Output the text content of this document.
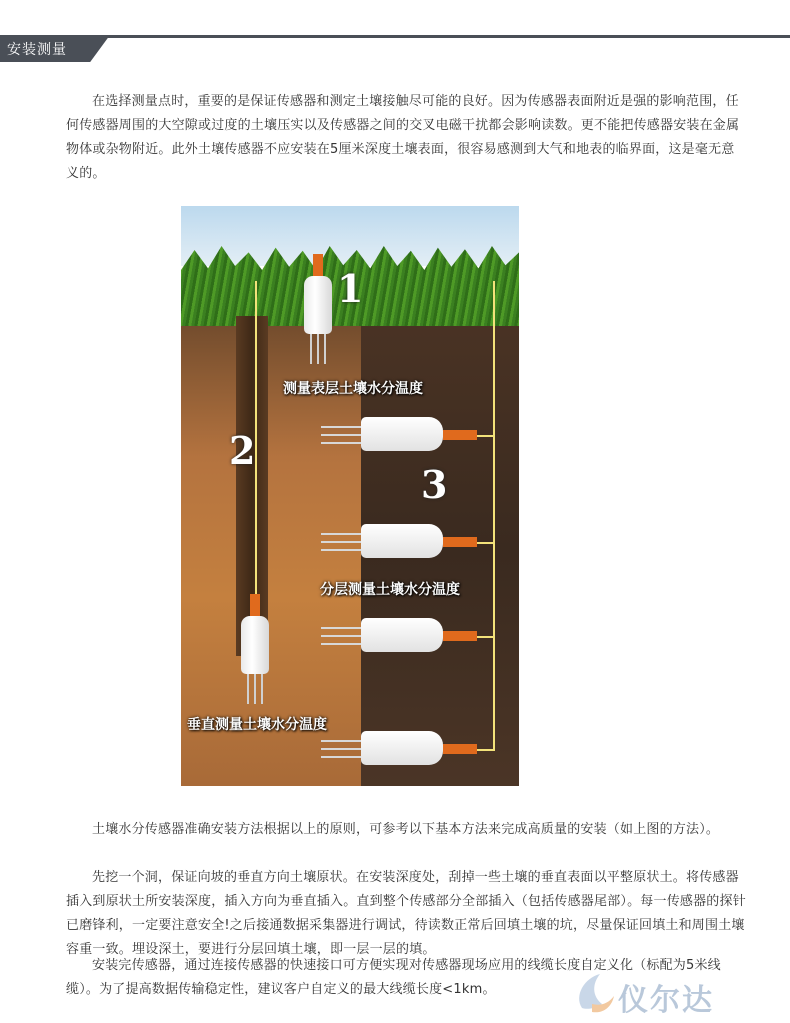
安装测量

在选择测量点时，重要的是保证传感器和测定土壤接触尽可能的良好。因为传感器表面附近是强的影响范围，任何传感器周围的大空隙或过度的土壤压实以及传感器之间的交叉电磁干扰都会影响读数。更不能把传感器安装在金属物体或杂物附近。此外土壤传感器不应安装在5厘米深度土壤表面，很容易感测到大气和地表的临界面，这是毫无意义的。

1
测量表层土壤水分温度
2
垂直测量土壤水分温度
3
分层测量土壤水分温度

土壤水分传感器准确安装方法根据以上的原则，可参考以下基本方法来完成高质量的安装（如上图的方法）。

先挖一个洞，保证向坡的垂直方向土壤原状。在安装深度处，刮掉一些土壤的垂直表面以平整原状土。将传感器插入到原状土所安装深度，插入方向为垂直插入。直到整个传感部分全部插入（包括传感器尾部）。每一传感器的探针已磨锋利，一定要注意安全!之后接通数据采集器进行调试，待读数正常后回填土壤的坑，尽量保证回填土和周围土壤容重一致。埋设深土，要进行分层回填土壤，即一层一层的填。

安装完传感器，通过连接传感器的快速接口可方便实现对传感器现场应用的线缆长度自定义化（标配为5米线缆）。为了提高数据传输稳定性，建议客户自定义的最大线缆长度<1km。	仪尔达
